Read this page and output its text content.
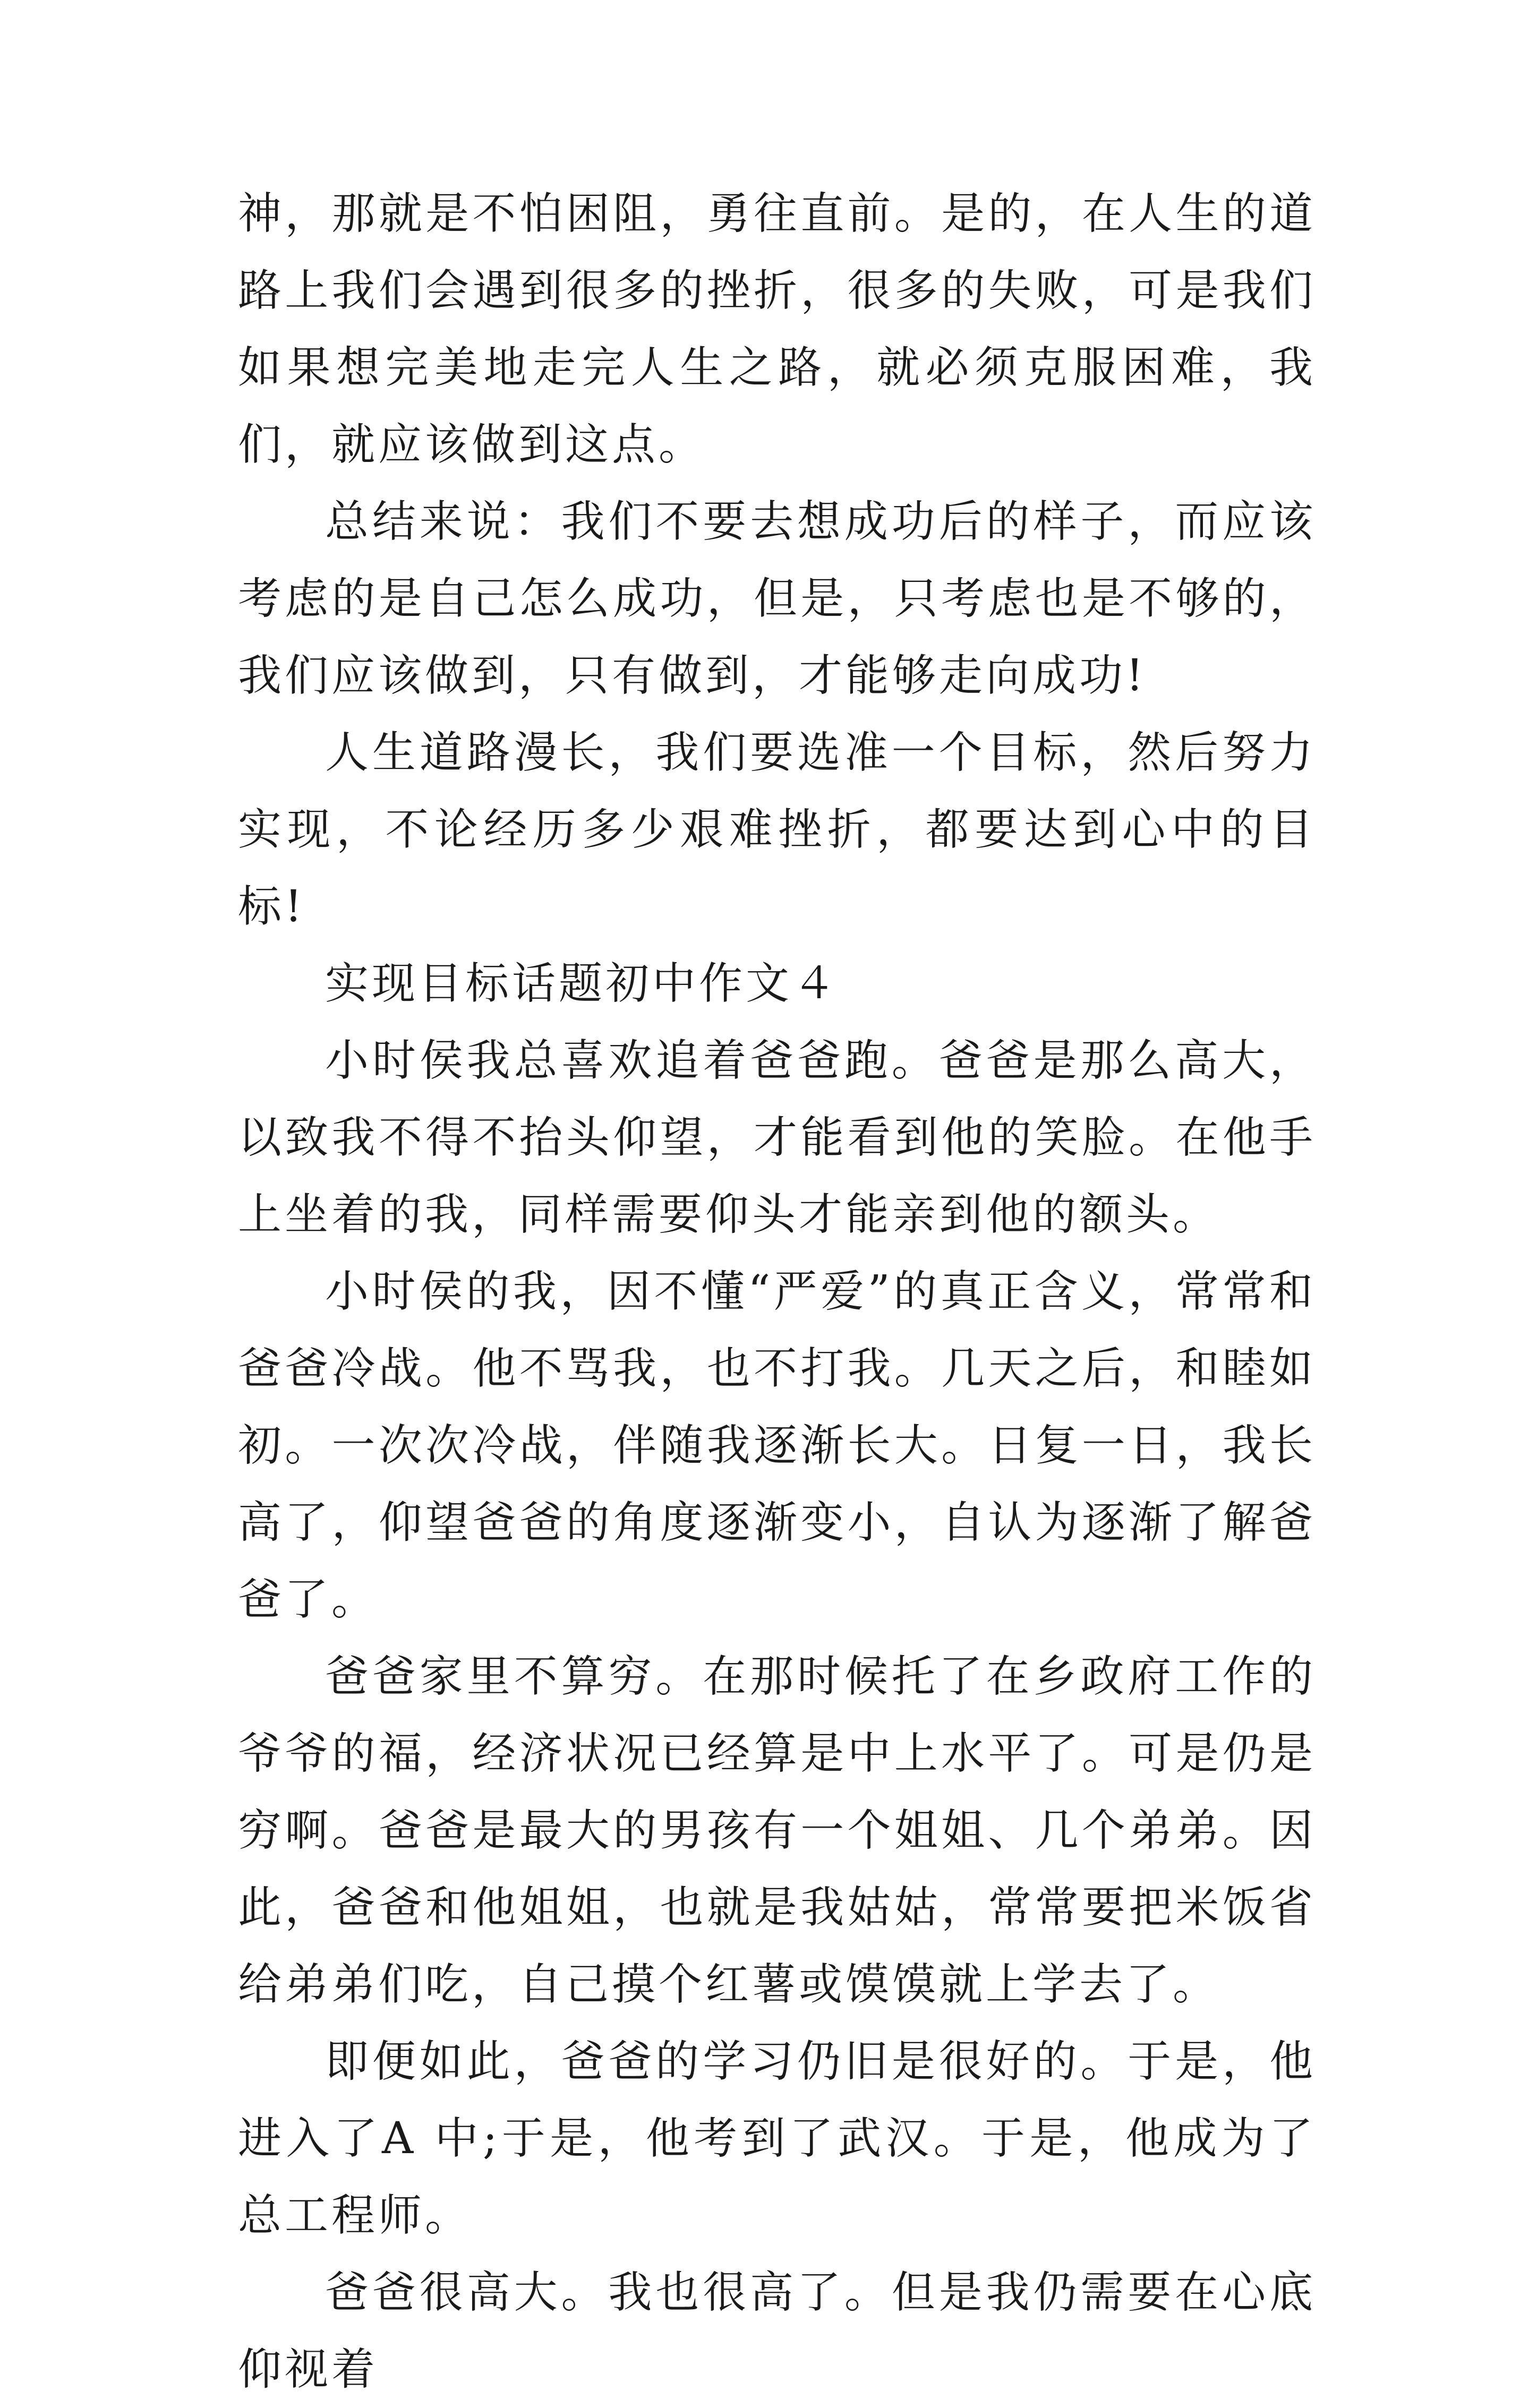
神，那就是不怕困阻，勇往直前。是的，在人生的道路上我们会遇到很多的挫折，很多的失败，可是我们如果想完美地走完人生之路，就必须克服困难，我们，就应该做到这点。

总结来说：我们不要去想成功后的样子，而应该考虑的是自己怎么成功，但是，只考虑也是不够的，我们应该做到，只有做到，才能够走向成功!

人生道路漫长，我们要选准一个目标，然后努力实现，不论经历多少艰难挫折，都要达到心中的目标!

实现目标话题初中作文４

小时侯我总喜欢追着爸爸跑。爸爸是那么高大，以致我不得不抬头仰望，才能看到他的笑脸。在他手上坐着的我，同样需要仰头才能亲到他的额头。

小时侯的我，因不懂“严爱”的真正含义，常常和爸爸冷战。他不骂我，也不打我。几天之后，和睦如初。一次次冷战，伴随我逐渐长大。日复一日，我长高了，仰望爸爸的角度逐渐变小，自认为逐渐了解爸爸了。

爸爸家里不算穷。在那时候托了在乡政府工作的爷爷的福，经济状况已经算是中上水平了。可是仍是穷啊。爸爸是最大的男孩有一个姐姐、几个弟弟。因此，爸爸和他姐姐，也就是我姑姑，常常要把米饭省给弟弟们吃，自己摸个红薯或馍馍就上学去了。

即便如此，爸爸的学习仍旧是很好的。于是，他进入了A 中;于是，他考到了武汉。于是，他成为了总工程师。

爸爸很高大。我也很高了。但是我仍需要在心底仰视着
